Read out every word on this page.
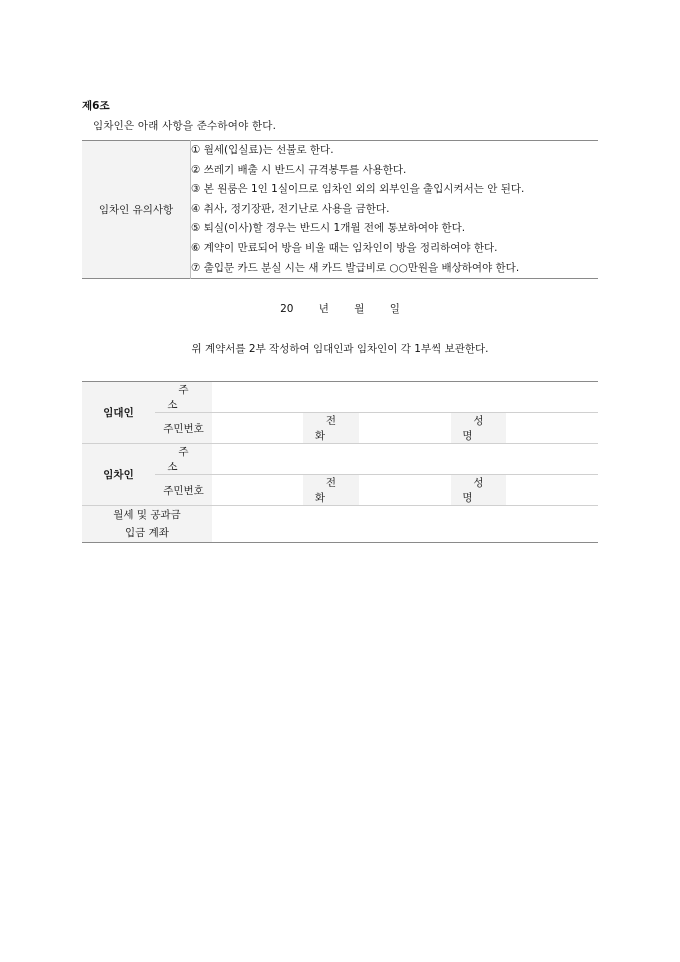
제6조
임차인은 아래 사항을 준수하여야 한다.
임차인 유의사항	
① 월세(입실료)는 선불로 한다.
② 쓰레기 배출 시 반드시 규격봉투를 사용한다.
③ 본 원룸은 1인 1실이므로 임차인 외의 외부인을 출입시켜서는 안 된다.
④ 취사, 정기장판, 전기난로 사용을 금한다.
⑤ 퇴실(이사)할 경우는 반드시 1개월 전에 통보하여야 한다.
⑥ 계약이 만료되어 방을 비울 때는 임차인이 방을 정리하여야 한다.
⑦ 출입문 카드 분실 시는 새 카드 발급비로 ○○만원을 배상하여야 한다.
20 년 월 일
위 계약서를 2부 작성하여 임대인과 임차인이 각 1부씩 보관한다.
임대인	주소					
	주민번호		전화		성명	
임차인	주소					
	주민번호		전화		성명	

월세 및 공과금
입금 계좌						
